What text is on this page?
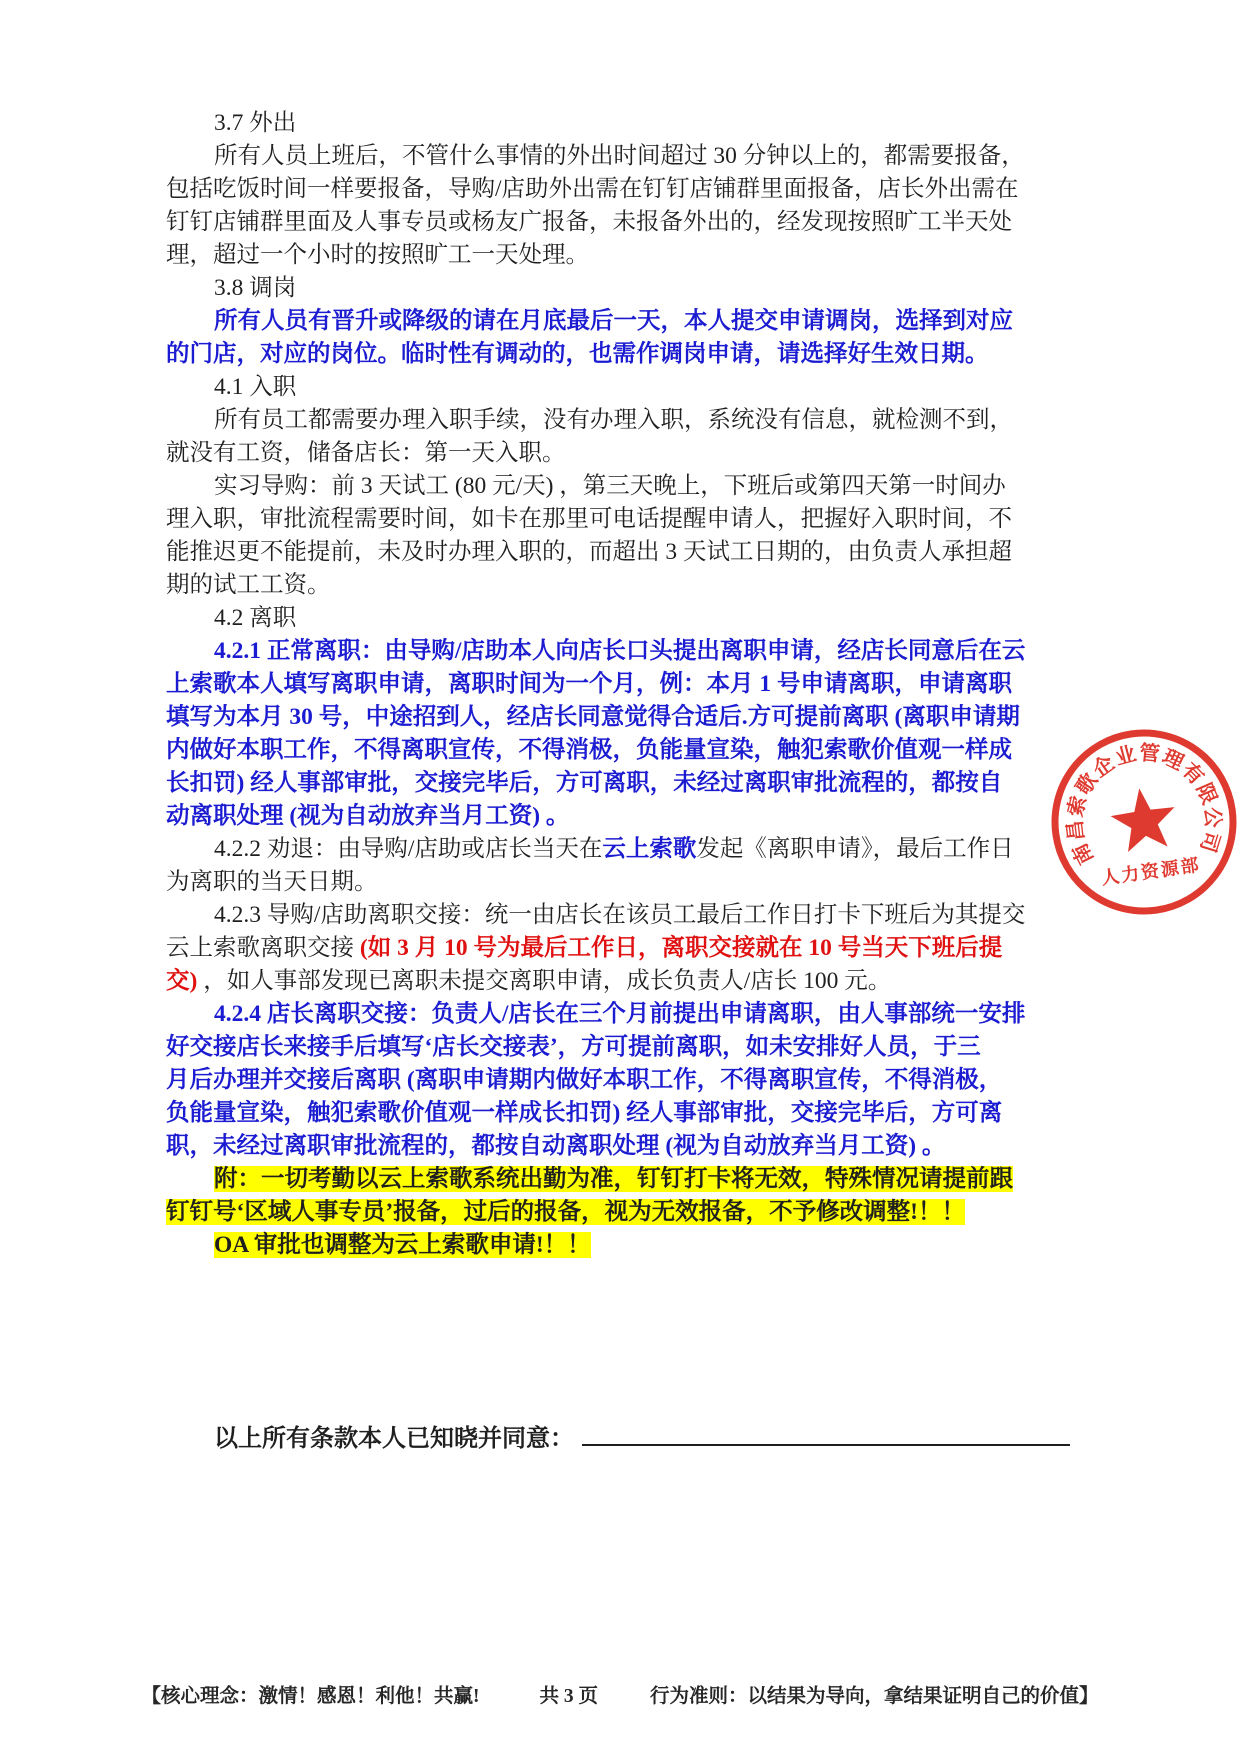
3.7 外出
所有人员上班后，不管什么事情的外出时间超过 30 分钟以上的，都需要报备，
包括吃饭时间一样要报备，导购/店助外出需在钉钉店铺群里面报备，店长外出需在
钉钉店铺群里面及人事专员或杨友广报备，未报备外出的，经发现按照旷工半天处
理，超过一个小时的按照旷工一天处理。
3.8 调岗
所有人员有晋升或降级的请在月底最后一天，本人提交申请调岗，选择到对应
的门店，对应的岗位。临时性有调动的，也需作调岗申请，请选择好生效日期。
4.1 入职
所有员工都需要办理入职手续，没有办理入职，系统没有信息，就检测不到，
就没有工资，储备店长：第一天入职。
实习导购：前 3 天试工 (80 元/天) ，第三天晚上，下班后或第四天第一时间办
理入职，审批流程需要时间，如卡在那里可电话提醒申请人，把握好入职时间，不
能推迟更不能提前，未及时办理入职的，而超出 3 天试工日期的，由负责人承担超
期的试工工资。
4.2 离职
4.2.1 正常离职：由导购/店助本人向店长口头提出离职申请，经店长同意后在云
上索歌本人填写离职申请，离职时间为一个月，例：本月 1 号申请离职，申请离职
填写为本月 30 号，中途招到人，经店长同意觉得合适后.方可提前离职 (离职申请期
内做好本职工作，不得离职宣传，不得消极，负能量宣染，触犯索歌价值观一样成
长扣罚) 经人事部审批，交接完毕后，方可离职，未经过离职审批流程的，都按自
动离职处理 (视为自动放弃当月工资) 。
4.2.2 劝退：由导购/店助或店长当天在云上索歌发起《离职申请》，最后工作日
为离职的当天日期。
4.2.3 导购/店助离职交接：统一由店长在该员工最后工作日打卡下班后为其提交
云上索歌离职交接 (如 3 月 10 号为最后工作日，离职交接就在 10 号当天下班后提
交) ，如人事部发现已离职未提交离职申请，成长负责人/店长 100 元。
4.2.4 店长离职交接：负责人/店长在三个月前提出申请离职，由人事部统一安排
好交接店长来接手后填写‘店长交接表’，方可提前离职，如未安排好人员，于三
月后办理并交接后离职 (离职申请期内做好本职工作，不得离职宣传，不得消极，
负能量宣染，触犯索歌价值观一样成长扣罚) 经人事部审批，交接完毕后，方可离
职，未经过离职审批流程的，都按自动离职处理 (视为自动放弃当月工资) 。
附：一切考勤以云上索歌系统出勤为准，钉钉打卡将无效，特殊情况请提前跟
钉钉号‘区域人事专员’报备，过后的报备，视为无效报备，不予修改调整!！！
OA 审批也调整为云上索歌申请!！！
以上所有条款本人已知晓并同意：
南昌索歌企业管理有限公司
人力资源部
【核心理念：激情！感恩！利他！共赢!	共 3 页	行为准则：以结果为导向，拿结果证明自己的价值】
